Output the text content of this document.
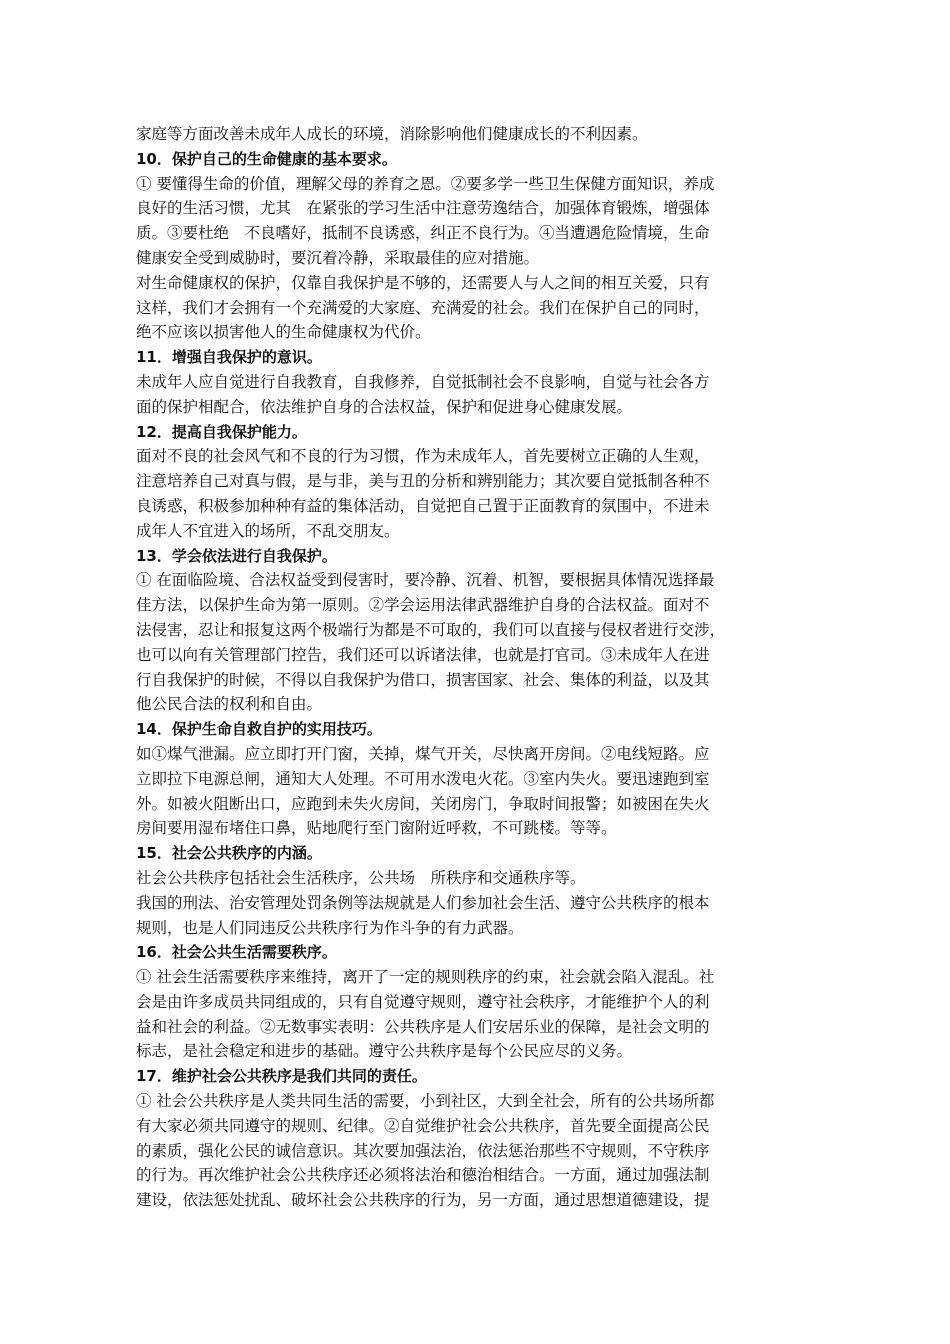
家庭等方面改善未成年人成长的环境，消除影响他们健康成长的不利因素。
10．保护自己的生命健康的基本要求。
① 要懂得生命的价值，理解父母的养育之恩。②要多学一些卫生保健方面知识，养成
良好的生活习惯，尤其　在紧张的学习生活中注意劳逸结合，加强体育锻炼，增强体
质。③要杜绝　不良嗜好，抵制不良诱惑，纠正不良行为。④当遭遇危险情境，生命
健康安全受到威胁时，要沉着冷静，采取最佳的应对措施。
对生命健康权的保护，仅靠自我保护是不够的，还需要人与人之间的相互关爱，只有
这样，我们才会拥有一个充满爱的大家庭、充满爱的社会。我们在保护自己的同时，
绝不应该以损害他人的生命健康权为代价。
11．增强自我保护的意识。
未成年人应自觉进行自我教育，自我修养，自觉抵制社会不良影响，自觉与社会各方
面的保护相配合，依法维护自身的合法权益，保护和促进身心健康发展。
12．提高自我保护能力。
面对不良的社会风气和不良的行为习惯，作为未成年人，首先要树立正确的人生观，
注意培养自己对真与假，是与非，美与丑的分析和辨别能力；其次要自觉抵制各种不
良诱惑，积极参加种种有益的集体活动，自觉把自己置于正面教育的氛围中，不进未
成年人不宜进入的场所，不乱交朋友。
13．学会依法进行自我保护。
① 在面临险境、合法权益受到侵害时，要冷静、沉着、机智，要根据具体情况选择最
佳方法，以保护生命为第一原则。②学会运用法律武器维护自身的合法权益。面对不
法侵害，忍让和报复这两个极端行为都是不可取的，我们可以直接与侵权者进行交涉，
也可以向有关管理部门控告，我们还可以诉诸法律，也就是打官司。③未成年人在进
行自我保护的时候，不得以自我保护为借口，损害国家、社会、集体的利益，以及其
他公民合法的权利和自由。
14．保护生命自救自护的实用技巧。
如①煤气泄漏。应立即打开门窗，关掉，煤气开关，尽快离开房间。②电线短路。应
立即拉下电源总闸，通知大人处理。不可用水泼电火花。③室内失火。要迅速跑到室
外。如被火阻断出口，应跑到未失火房间，关闭房门，争取时间报警；如被困在失火
房间要用湿布堵住口鼻，贴地爬行至门窗附近呼救，不可跳楼。等等。
15．社会公共秩序的内涵。
社会公共秩序包括社会生活秩序，公共场　所秩序和交通秩序等。
我国的刑法、治安管理处罚条例等法规就是人们参加社会生活、遵守公共秩序的根本
规则，也是人们同违反公共秩序行为作斗争的有力武器。
16．社会公共生活需要秩序。
① 社会生活需要秩序来维持，离开了一定的规则秩序的约束，社会就会陷入混乱。社
会是由许多成员共同组成的，只有自觉遵守规则，遵守社会秩序，才能维护个人的利
益和社会的利益。②无数事实表明：公共秩序是人们安居乐业的保障，是社会文明的
标志，是社会稳定和进步的基础。遵守公共秩序是每个公民应尽的义务。
17．维护社会公共秩序是我们共同的责任。
① 社会公共秩序是人类共同生活的需要，小到社区，大到全社会，所有的公共场所都
有大家必须共同遵守的规则、纪律。②自觉维护社会公共秩序，首先要全面提高公民
的素质，强化公民的诚信意识。其次要加强法治，依法惩治那些不守规则，不守秩序
的行为。再次维护社会公共秩序还必须将法治和德治相结合。一方面，通过加强法制
建设，依法惩处扰乱、破坏社会公共秩序的行为，另一方面，通过思想道德建设，提
